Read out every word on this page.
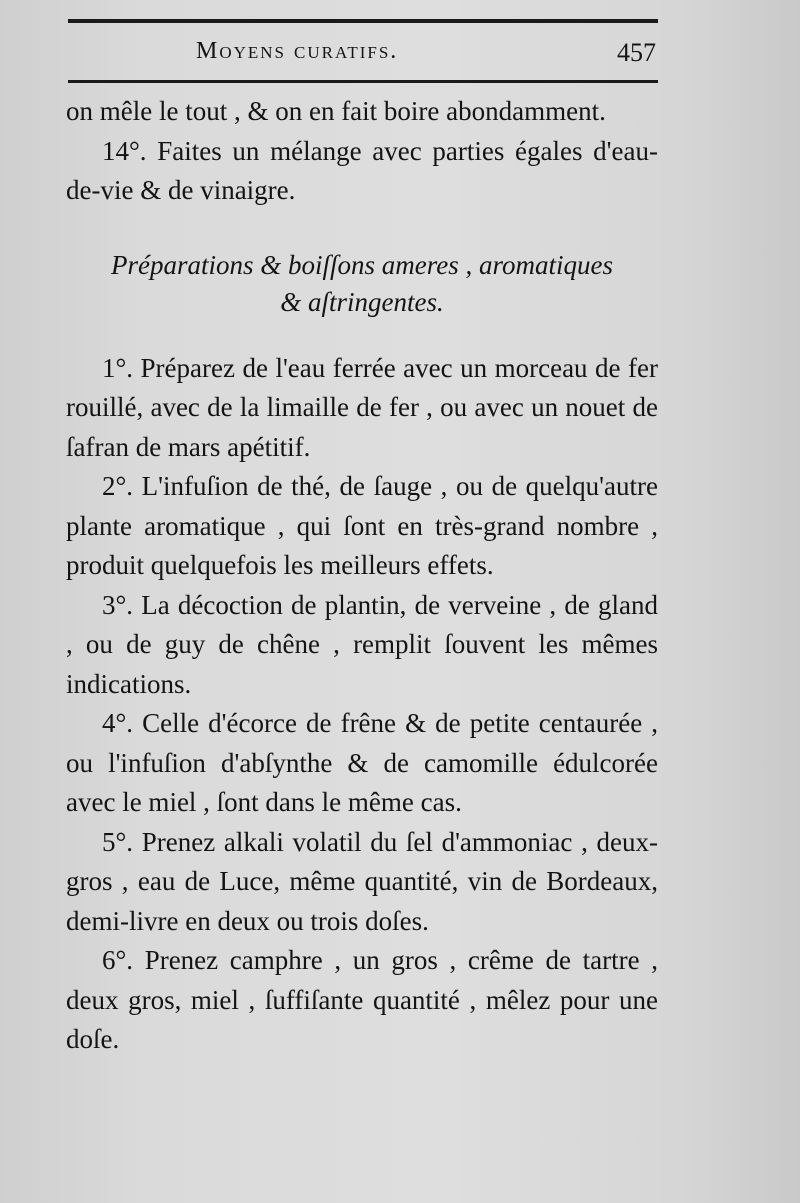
Moyens curatifs.	457

on mêle le tout , & on en fait boire abondamment.

14°. Faites un mélange avec parties égales d'eau-de-vie & de vinaigre.

Préparations & boiſſons ameres , aromatiques
& aſtringentes.

1°. Préparez de l'eau ferrée avec un morceau de fer rouillé, avec de la limaille de fer , ou avec un nouet de ſafran de mars apétitif.

2°. L'infuſion de thé, de ſauge , ou de quelqu'autre plante aromatique , qui ſont en très-grand nombre , produit quelquefois les meilleurs effets.

3°. La décoction de plantin, de verveine , de gland , ou de guy de chêne , remplit ſouvent les mêmes indications.

4°. Celle d'écorce de frêne & de petite centaurée , ou l'infuſion d'abſynthe & de camomille édulcorée avec le miel , ſont dans le même cas.

5°. Prenez alkali volatil du ſel d'ammoniac , deux-gros , eau de Luce, même quantité, vin de Bordeaux, demi-livre en deux ou trois doſes.

6°. Prenez camphre , un gros , crême de tartre , deux gros, miel , ſuffiſante quantité , mêlez pour une doſe.
